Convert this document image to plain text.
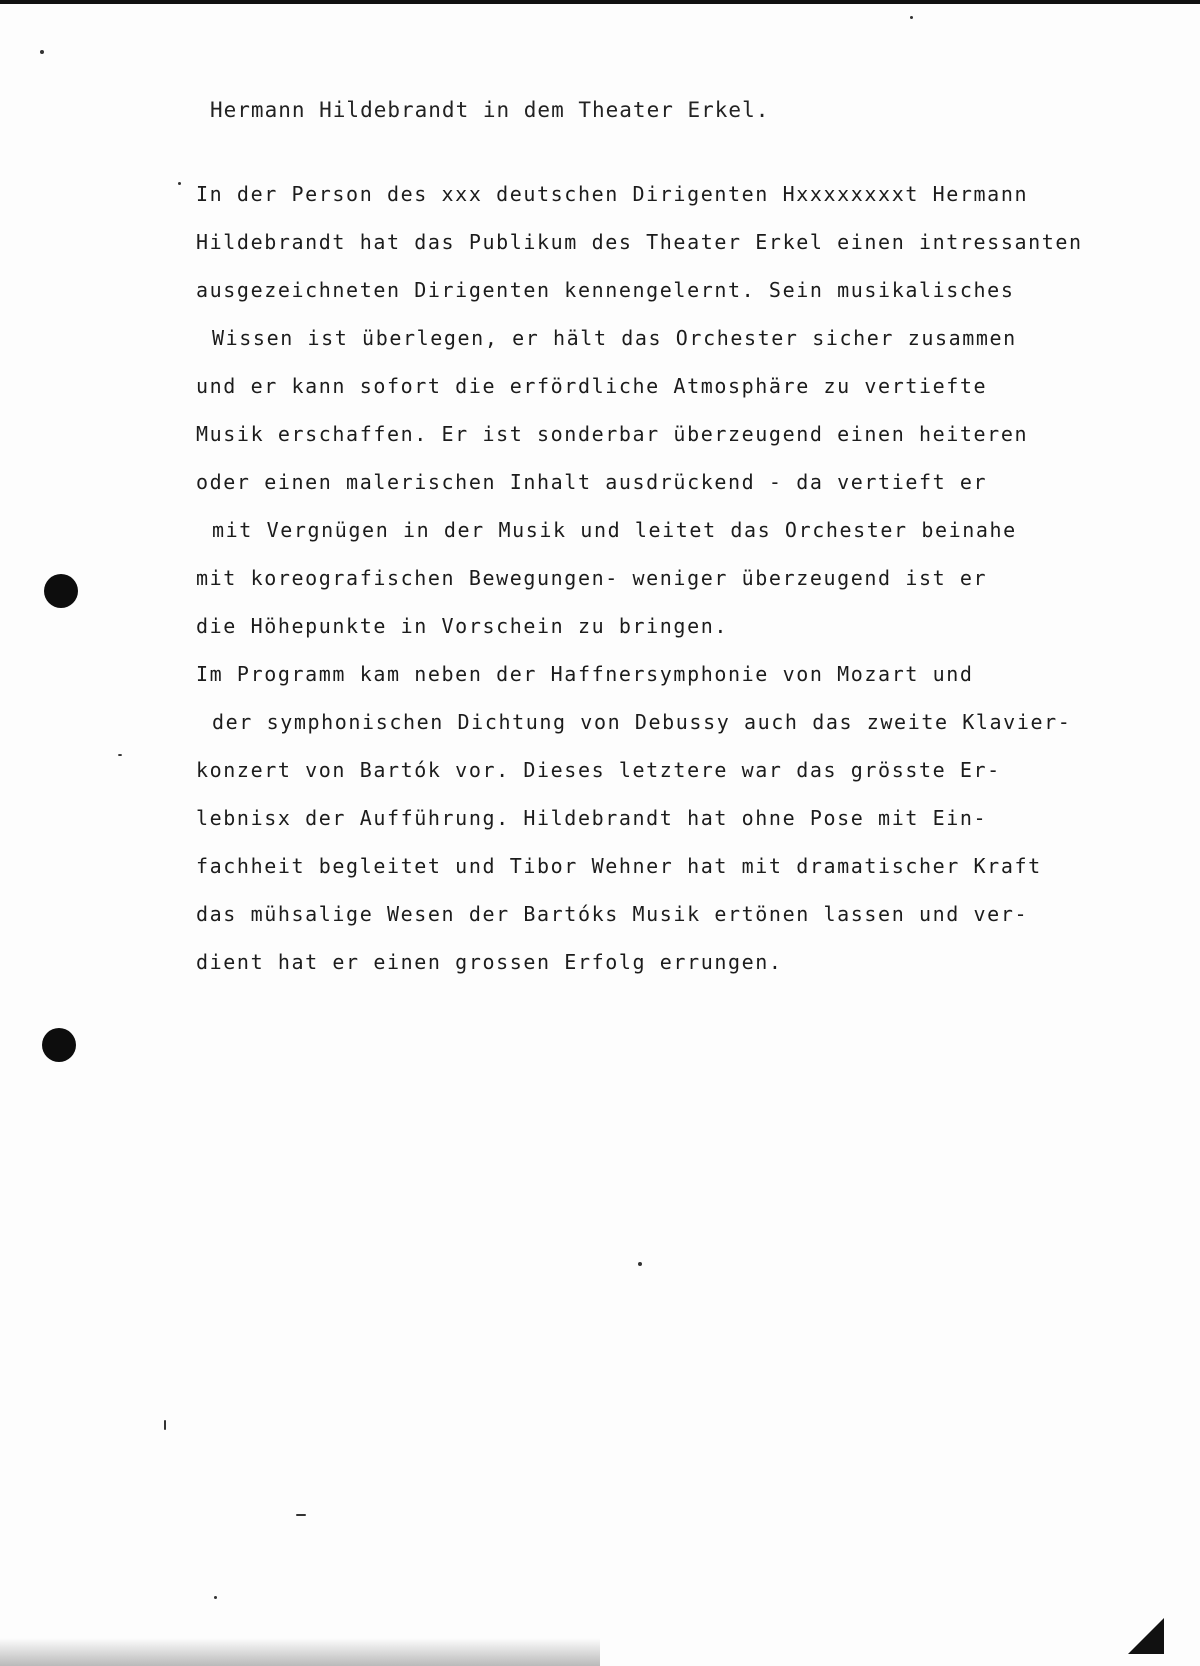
Hermann Hildebrandt in dem Theater Erkel.
In der Person des xxx deutschen Dirigenten Hxxxxxxxxt Hermann
Hildebrandt hat das Publikum des Theater Erkel einen intressanten
ausgezeichneten Dirigenten kennengelernt. Sein musikalisches
Wissen ist überlegen, er hält das Orchester sicher zusammen
und er kann sofort die erfördliche Atmosphäre zu vertiefte
Musik erschaffen. Er ist sonderbar überzeugend einen heiteren
oder einen malerischen Inhalt ausdrückend - da vertieft er
mit Vergnügen in der Musik und leitet das Orchester beinahe
mit koreografischen Bewegungen- weniger überzeugend ist er
die Höhepunkte in Vorschein zu bringen.
Im Programm kam neben der Haffnersymphonie von Mozart und
der symphonischen Dichtung von Debussy auch das zweite Klavier-
konzert von Bartók vor. Dieses letztere war das grösste Er-
lebnisx der Aufführung. Hildebrandt hat ohne Pose mit Ein-
fachheit begleitet und Tibor Wehner hat mit dramatischer Kraft
das mühsalige Wesen der Bartóks Musik ertönen lassen und ver-
dient hat er einen grossen Erfolg errungen.
